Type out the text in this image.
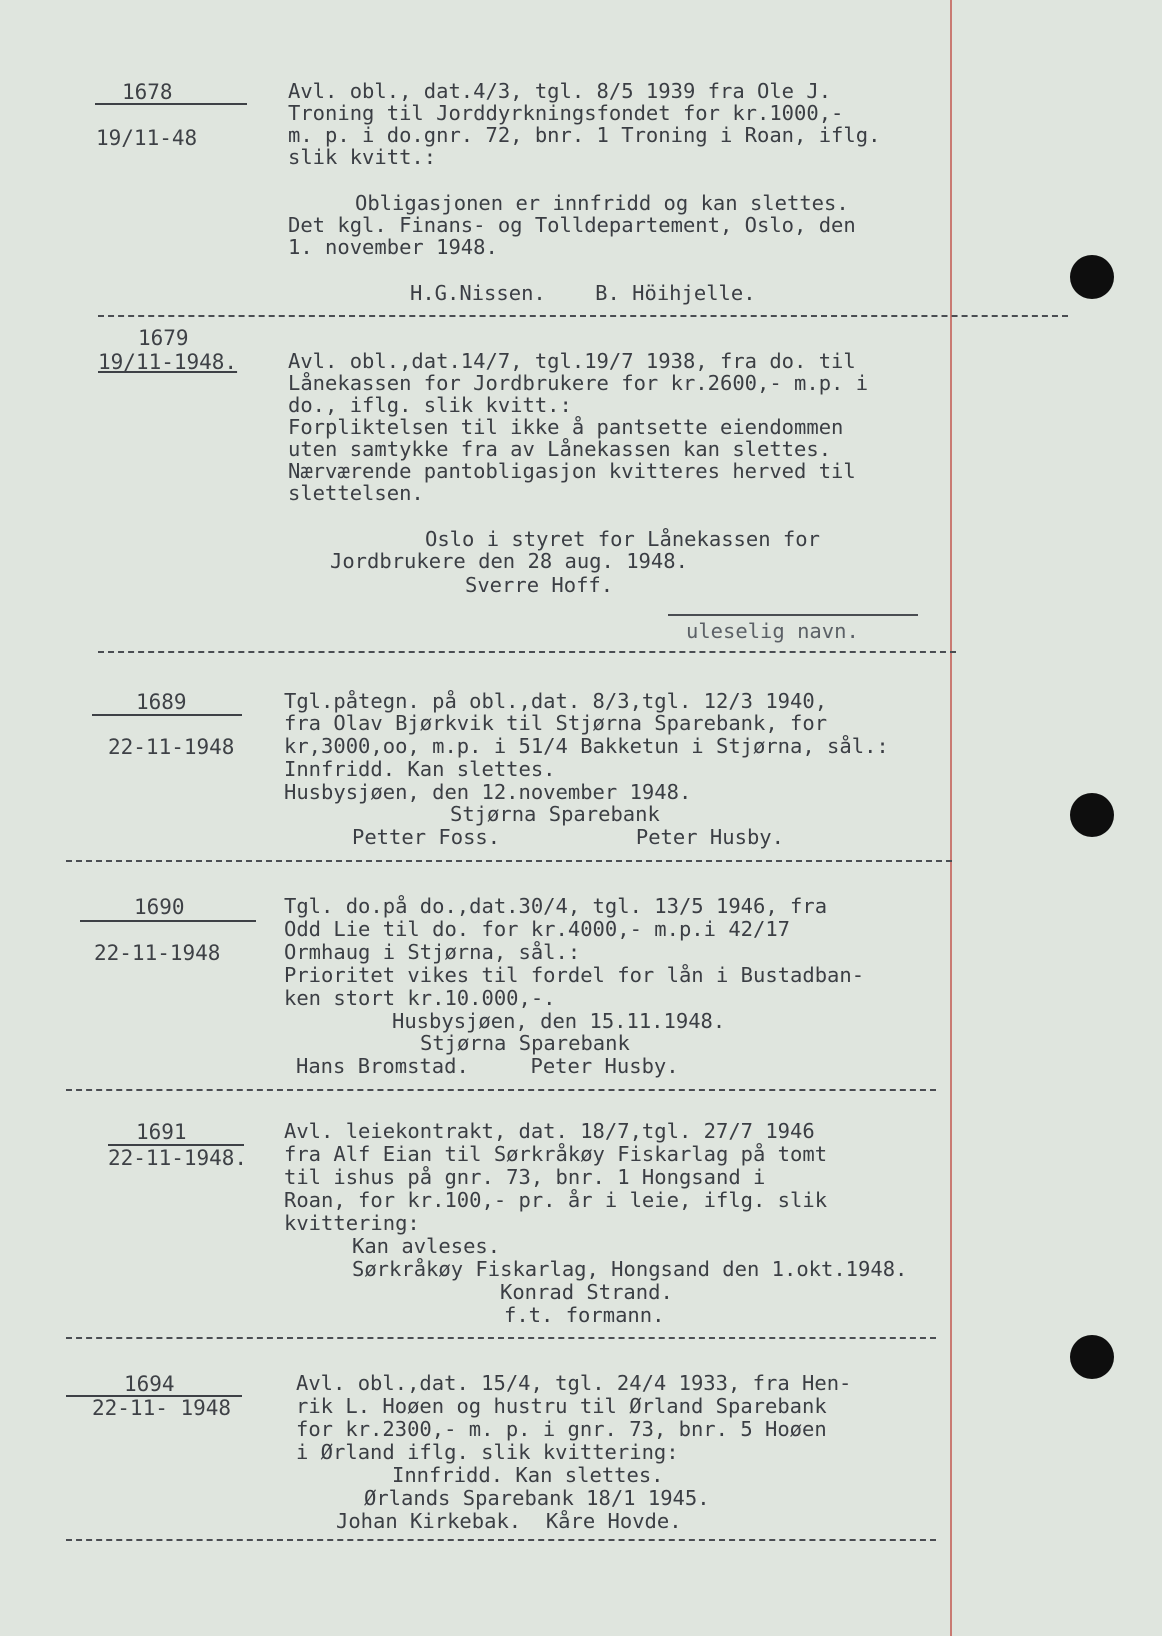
1678
19/11-48
Avl. obl., dat.4/3, tgl. 8/5 1939 fra Ole J.
Troning til Jorddyrkningsfondet for kr.1000,-
m. p. i do.gnr. 72, bnr. 1 Troning i Roan, iflg.
slik kvitt.:
Obligasjonen er innfridd og kan slettes.
Det kgl. Finans- og Tolldepartement, Oslo, den
1. november 1948.
H.G.Nissen.    B. Höihjelle.
1679
19/11-1948. Avl. obl.,dat.14/7, tgl.19/7 1938, fra do. til
Lånekassen for Jordbrukere for kr.2600,- m.p. i
do., iflg. slik kvitt.:
Forpliktelsen til ikke å pantsette eiendommen
uten samtykke fra av Lånekassen kan slettes.
Nærværende pantobligasjon kvitteres herved til
slettelsen.
Oslo i styret for Lånekassen for
Jordbrukere den 28 aug. 1948.
Sverre Hoff.
uleselig navn.
1689
22-11-1948
Tgl.påtegn. på obl.,dat. 8/3,tgl. 12/3 1940,
fra Olav Bjørkvik til Stjørna Sparebank, for
kr,3000,oo, m.p. i 51/4 Bakketun i Stjørna, sål.:
Innfridd. Kan slettes.
Husbysjøen, den 12.november 1948.
Stjørna Sparebank
Petter Foss.           Peter Husby.
1690
22-11-1948
Tgl. do.på do.,dat.30/4, tgl. 13/5 1946, fra
Odd Lie til do. for kr.4000,- m.p.i 42/17
Ormhaug i Stjørna, sål.:
Prioritet vikes til fordel for lån i Bustadban-
ken stort kr.10.000,-.
Husbysjøen, den 15.11.1948.
Stjørna Sparebank
Hans Bromstad.     Peter Husby.
1691
22-11-1948.
Avl. leiekontrakt, dat. 18/7,tgl. 27/7 1946
fra Alf Eian til Sørkråkøy Fiskarlag på tomt
til ishus på gnr. 73, bnr. 1 Hongsand i
Roan, for kr.100,- pr. år i leie, iflg. slik
kvittering:
Kan avleses.
Sørkråkøy Fiskarlag, Hongsand den 1.okt.1948.
Konrad Strand.
f.t. formann.
1694
22-11- 1948
Avl. obl.,dat. 15/4, tgl. 24/4 1933, fra Hen-
rik L. Hoøen og hustru til Ørland Sparebank
for kr.2300,- m. p. i gnr. 73, bnr. 5 Hoøen
i Ørland iflg. slik kvittering:
Innfridd. Kan slettes.
Ørlands Sparebank 18/1 1945.
Johan Kirkebak.  Kåre Hovde.
